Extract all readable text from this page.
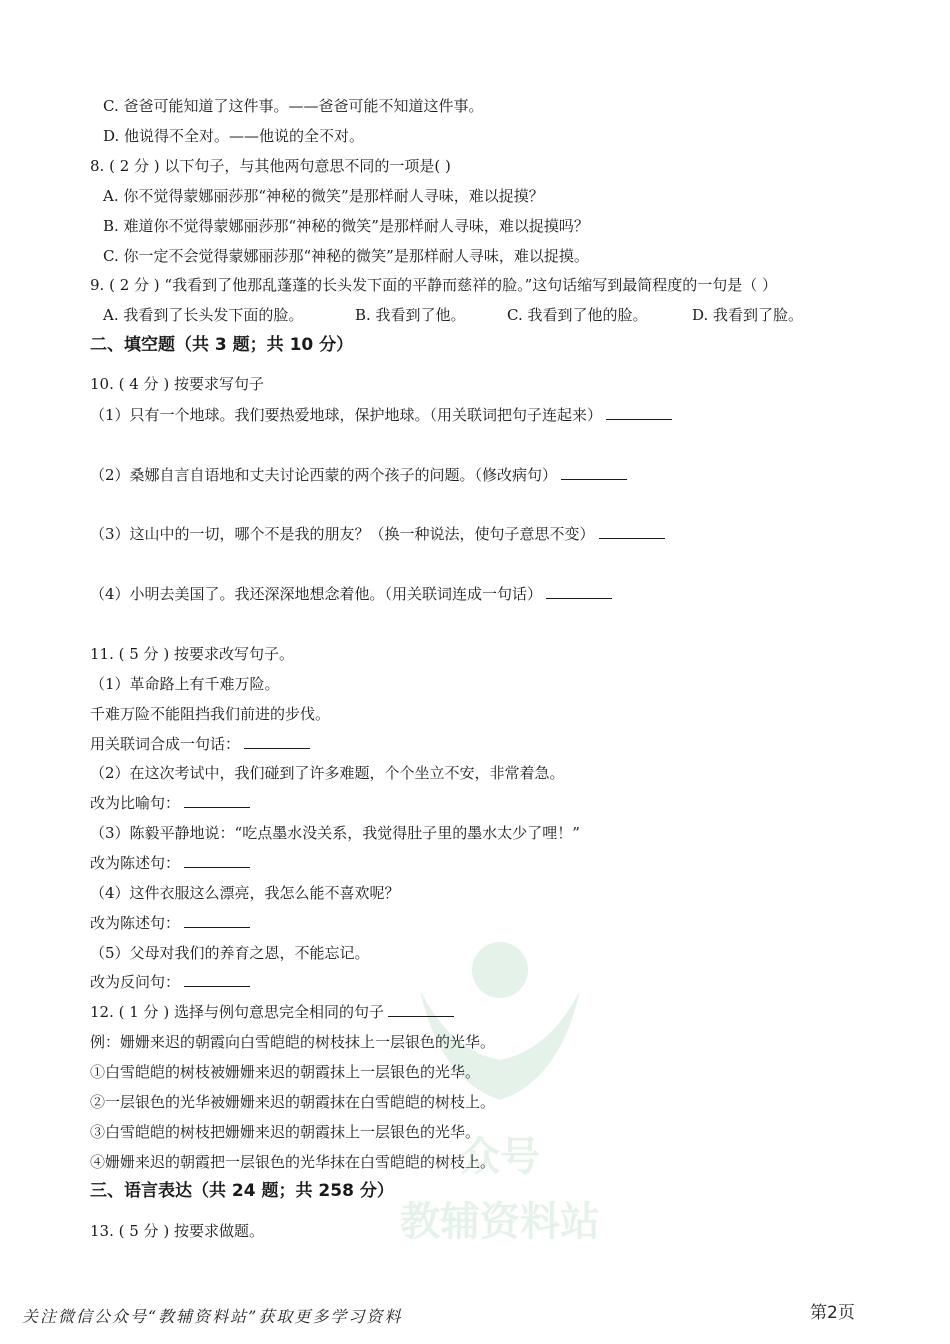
众号
教辅资料站
C. 爸爸可能知道了这件事。——爸爸可能不知道这件事。
D. 他说得不全对。——他说的全不对。
8. ( 2 分 ) 以下句子，与其他两句意思不同的一项是( )
A. 你不觉得蒙娜丽莎那“神秘的微笑”是那样耐人寻味，难以捉摸？
B. 难道你不觉得蒙娜丽莎那“神秘的微笑”是那样耐人寻味，难以捉摸吗？
C. 你一定不会觉得蒙娜丽莎那“神秘的微笑”是那样耐人寻味，难以捉摸。
9. ( 2 分 ) “我看到了他那乱蓬蓬的长头发下面的平静而慈祥的脸。”这句话缩写到最简程度的一句是（ ）
A. 我看到了长头发下面的脸。	B. 我看到了他。	C. 我看到了他的脸。	D. 我看到了脸。
二、填空题（共 3 题；共 10 分）
10. ( 4 分 ) 按要求写句子
（1）只有一个地球。我们要热爱地球，保护地球。（用关联词把句子连起来）
（2）桑娜自言自语地和丈夫讨论西蒙的两个孩子的问题。（修改病句）
（3）这山中的一切，哪个不是我的朋友？（换一种说法，使句子意思不变）
（4）小明去美国了。我还深深地想念着他。（用关联词连成一句话）
11. ( 5 分 ) 按要求改写句子。
（1）革命路上有千难万险。
千难万险不能阻挡我们前进的步伐。
用关联词合成一句话：
（2）在这次考试中，我们碰到了许多难题，个个坐立不安，非常着急。
改为比喻句：
（3）陈毅平静地说：“吃点墨水没关系，我觉得肚子里的墨水太少了哩！”
改为陈述句：
（4）这件衣服这么漂亮，我怎么能不喜欢呢？
改为陈述句：
（5）父母对我们的养育之恩，不能忘记。
改为反问句：
12. ( 1 分 ) 选择与例句意思完全相同的句子
例：姗姗来迟的朝霞向白雪皑皑的树枝抹上一层银色的光华。
①白雪皑皑的树枝被姗姗来迟的朝霞抹上一层银色的光华。
②一层银色的光华被姗姗来迟的朝霞抹在白雪皑皑的树枝上。
③白雪皑皑的树枝把姗姗来迟的朝霞抹上一层银色的光华。
④姗姗来迟的朝霞把一层银色的光华抹在白雪皑皑的树枝上。
三、语言表达（共 24 题；共 258 分）
13. ( 5 分 ) 按要求做题。
关注微信公众号“教辅资料站”获取更多学习资料	第2页
